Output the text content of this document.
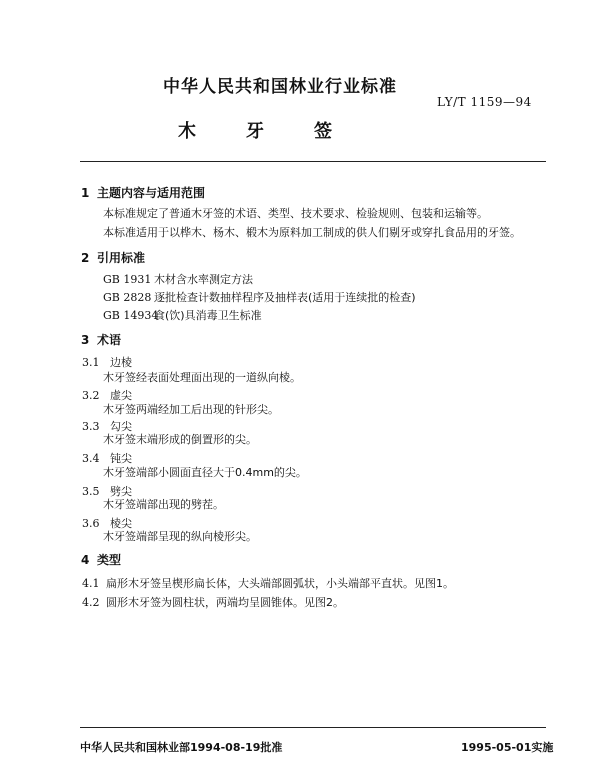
中华人民共和国林业行业标准
LY/T 1159—94
木牙签
1 主题内容与适用范围
本标准规定了普通木牙签的术语、类型、技术要求、检验规则、包装和运输等。
本标准适用于以桦木、杨木、椴木为原料加工制成的供人们剔牙或穿扎食品用的牙签。
2 引用标准
GB 1931 木材含水率测定方法
GB 2828 逐批检查计数抽样程序及抽样表(适用于连续批的检查)
GB 14934食(饮)具消毒卫生标准
3 术语
3.1 边棱
木牙签经表面处理面出现的一道纵向棱。
3.2 虚尖
木牙签两端经加工后出现的针形尖。
3.3 勾尖
木牙签末端形成的倒置形的尖。
3.4 钝尖
木牙签端部小圆面直径大于0.4mm的尖。
3.5 劈尖
木牙签端部出现的劈茬。
3.6 棱尖
木牙签端部呈现的纵向棱形尖。
4 类型
4.1 扁形木牙签呈楔形扁长体，大头端部圆弧状，小头端部平直状。见图1。
4.2 圆形木牙签为圆柱状，两端均呈圆锥体。见图2。
中华人民共和国林业部1994-08-19批准	1995-05-01实施
